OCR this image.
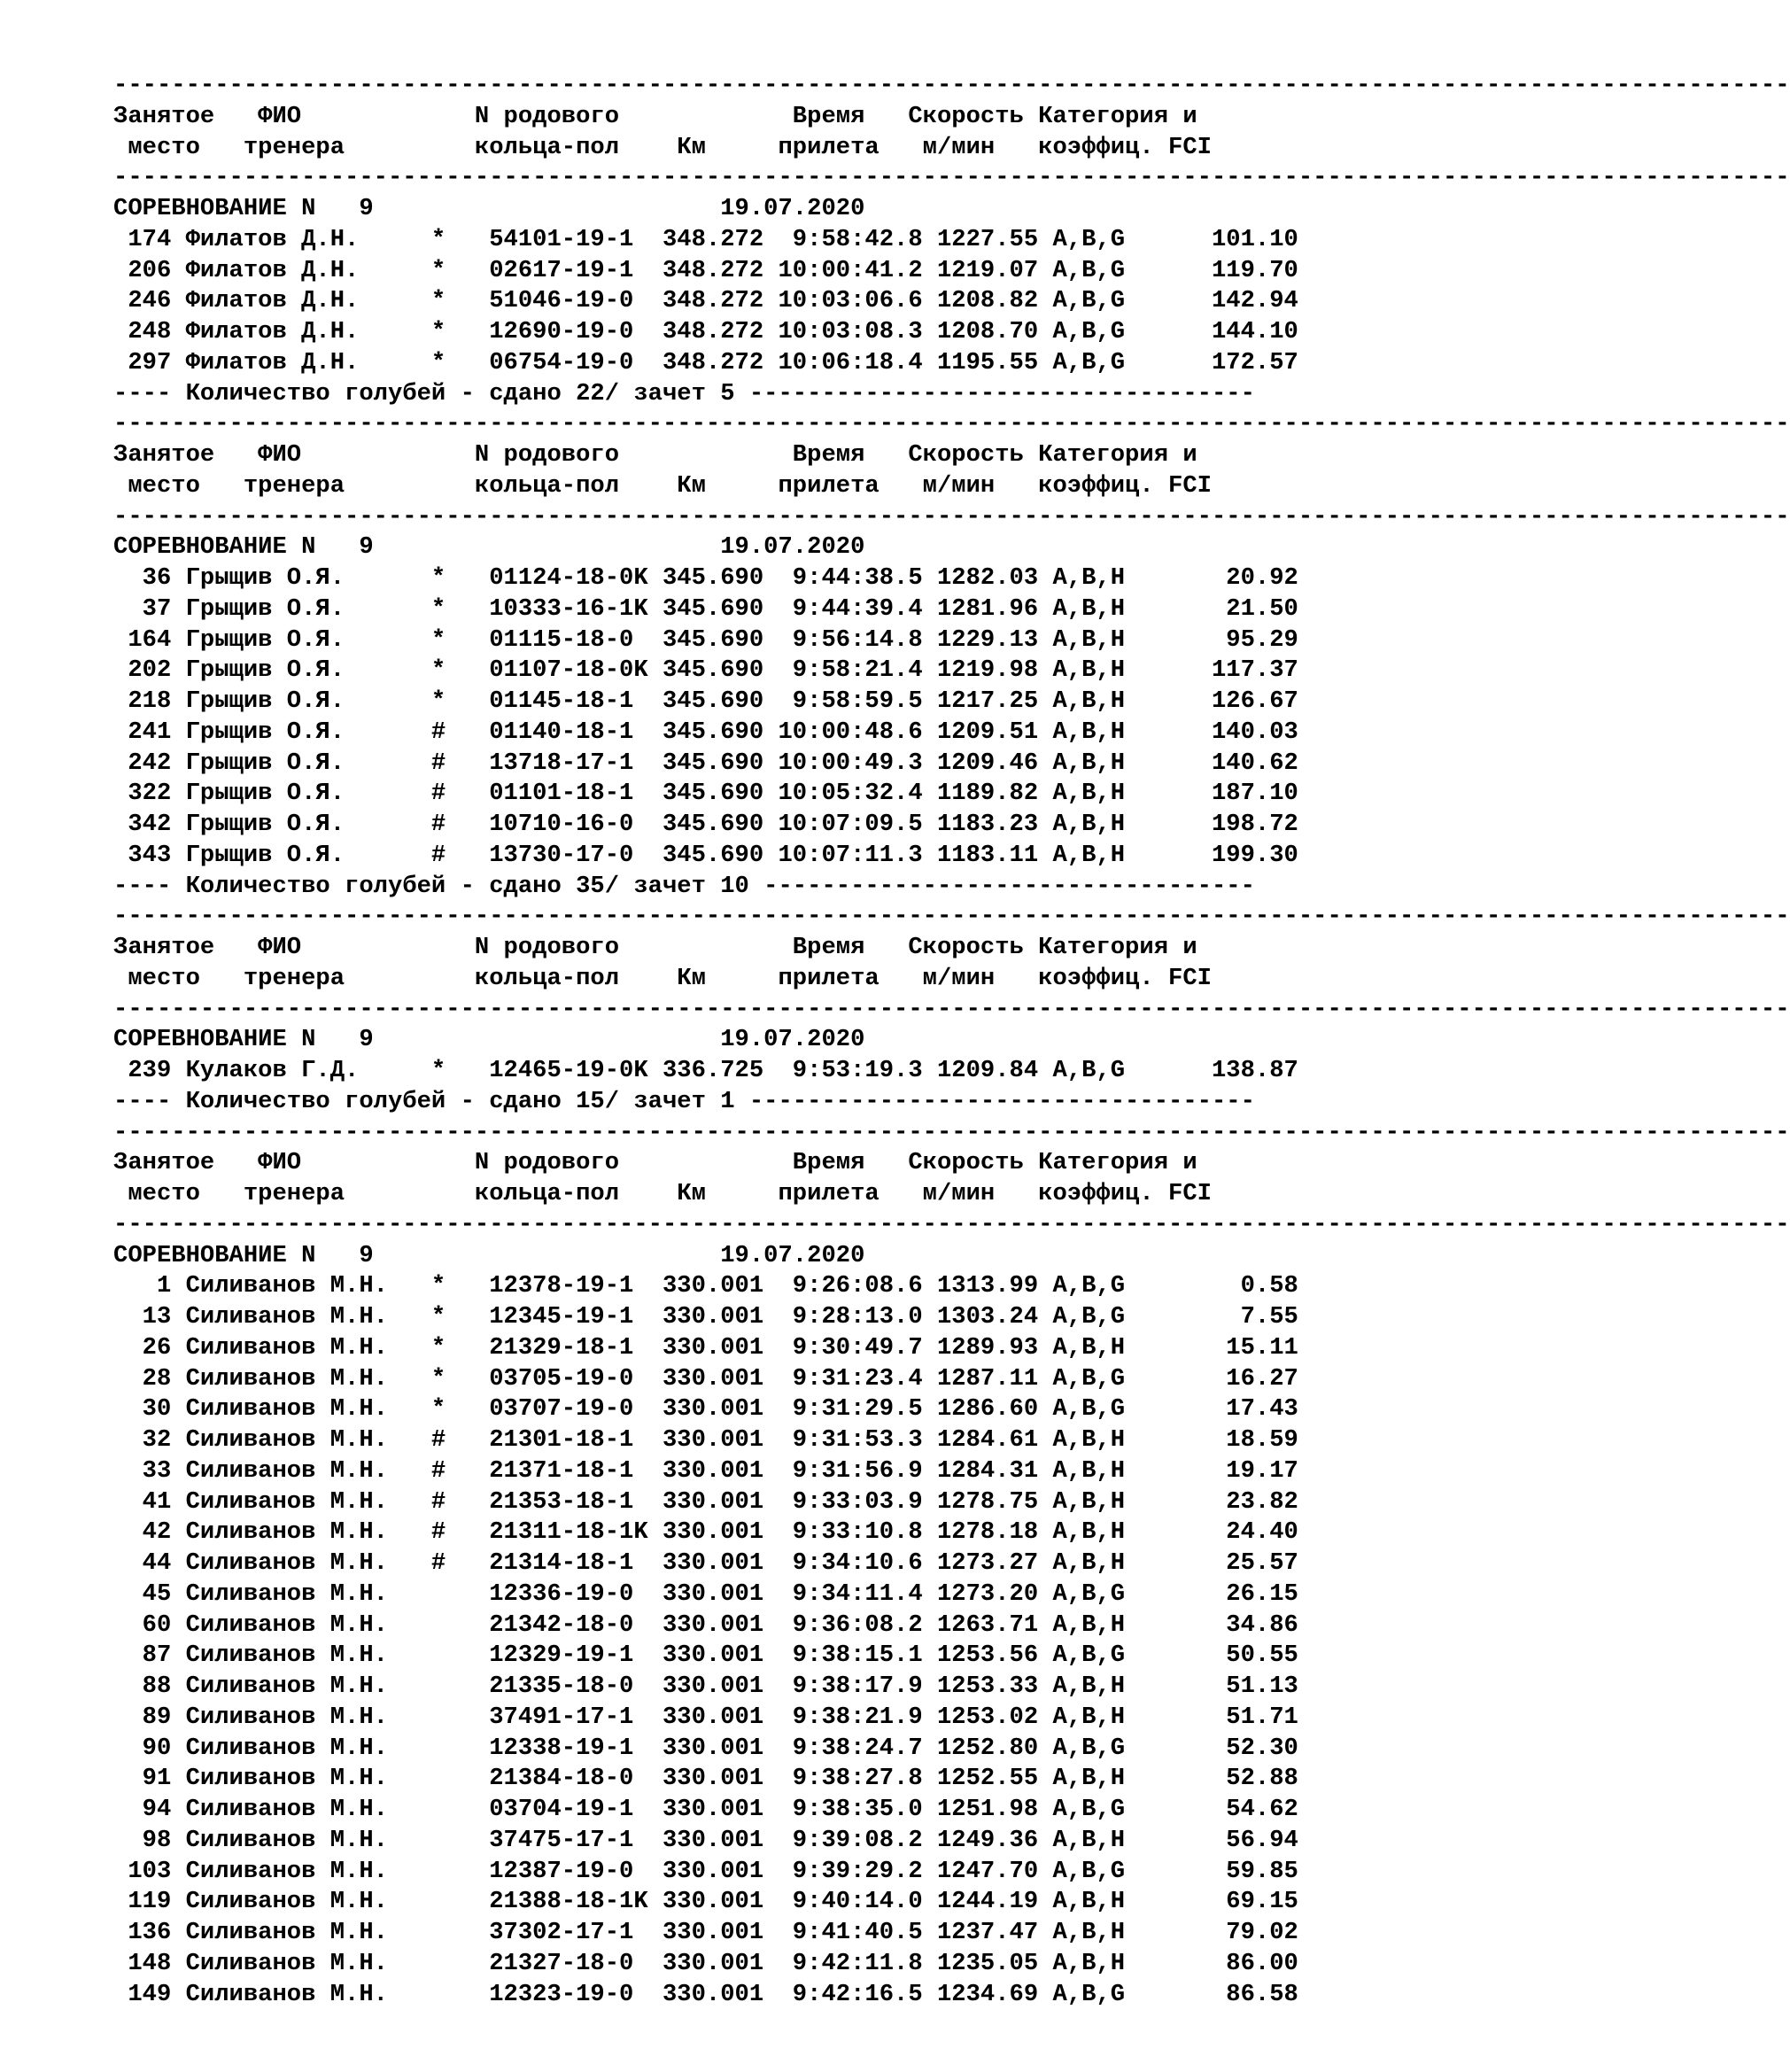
--------------------------------------------------------------------------------------------------------------------
Занятое   ФИО            N родового            Время   Скорость Категория и
место   тренера         кольца-пол    Км     прилета   м/мин   коэффиц. FCI
--------------------------------------------------------------------------------------------------------------------
СОРЕВНОВАНИЕ N   9                        19.07.2020
174 Филатов Д.Н.     *   54101-19-1  348.272  9:58:42.8 1227.55 A,B,G      101.10
206 Филатов Д.Н.     *   02617-19-1  348.272 10:00:41.2 1219.07 A,B,G      119.70
246 Филатов Д.Н.     *   51046-19-0  348.272 10:03:06.6 1208.82 A,B,G      142.94
248 Филатов Д.Н.     *   12690-19-0  348.272 10:03:08.3 1208.70 A,B,G      144.10
297 Филатов Д.Н.     *   06754-19-0  348.272 10:06:18.4 1195.55 A,B,G      172.57
---- Количество голубей - сдано 22/ зачет 5 -----------------------------------
--------------------------------------------------------------------------------------------------------------------
Занятое   ФИО            N родового            Время   Скорость Категория и
место   тренера         кольца-пол    Км     прилета   м/мин   коэффиц. FCI
--------------------------------------------------------------------------------------------------------------------
СОРЕВНОВАНИЕ N   9                        19.07.2020
36 Грыщив О.Я.      *   01124-18-0K 345.690  9:44:38.5 1282.03 A,B,H       20.92
37 Грыщив О.Я.      *   10333-16-1K 345.690  9:44:39.4 1281.96 A,B,H       21.50
164 Грыщив О.Я.      *   01115-18-0  345.690  9:56:14.8 1229.13 A,B,H       95.29
202 Грыщив О.Я.      *   01107-18-0K 345.690  9:58:21.4 1219.98 A,B,H      117.37
218 Грыщив О.Я.      *   01145-18-1  345.690  9:58:59.5 1217.25 A,B,H      126.67
241 Грыщив О.Я.      #   01140-18-1  345.690 10:00:48.6 1209.51 A,B,H      140.03
242 Грыщив О.Я.      #   13718-17-1  345.690 10:00:49.3 1209.46 A,B,H      140.62
322 Грыщив О.Я.      #   01101-18-1  345.690 10:05:32.4 1189.82 A,B,H      187.10
342 Грыщив О.Я.      #   10710-16-0  345.690 10:07:09.5 1183.23 A,B,H      198.72
343 Грыщив О.Я.      #   13730-17-0  345.690 10:07:11.3 1183.11 A,B,H      199.30
---- Количество голубей - сдано 35/ зачет 10 ----------------------------------
--------------------------------------------------------------------------------------------------------------------
Занятое   ФИО            N родового            Время   Скорость Категория и
место   тренера         кольца-пол    Км     прилета   м/мин   коэффиц. FCI
--------------------------------------------------------------------------------------------------------------------
СОРЕВНОВАНИЕ N   9                        19.07.2020
239 Кулаков Г.Д.     *   12465-19-0K 336.725  9:53:19.3 1209.84 A,B,G      138.87
---- Количество голубей - сдано 15/ зачет 1 -----------------------------------
--------------------------------------------------------------------------------------------------------------------
Занятое   ФИО            N родового            Время   Скорость Категория и
место   тренера         кольца-пол    Км     прилета   м/мин   коэффиц. FCI
--------------------------------------------------------------------------------------------------------------------
СОРЕВНОВАНИЕ N   9                        19.07.2020
1 Силиванов М.Н.   *   12378-19-1  330.001  9:26:08.6 1313.99 A,B,G        0.58
13 Силиванов М.Н.   *   12345-19-1  330.001  9:28:13.0 1303.24 A,B,G        7.55
26 Силиванов М.Н.   *   21329-18-1  330.001  9:30:49.7 1289.93 A,B,H       15.11
28 Силиванов М.Н.   *   03705-19-0  330.001  9:31:23.4 1287.11 A,B,G       16.27
30 Силиванов М.Н.   *   03707-19-0  330.001  9:31:29.5 1286.60 A,B,G       17.43
32 Силиванов М.Н.   #   21301-18-1  330.001  9:31:53.3 1284.61 A,B,H       18.59
33 Силиванов М.Н.   #   21371-18-1  330.001  9:31:56.9 1284.31 A,B,H       19.17
41 Силиванов М.Н.   #   21353-18-1  330.001  9:33:03.9 1278.75 A,B,H       23.82
42 Силиванов М.Н.   #   21311-18-1K 330.001  9:33:10.8 1278.18 A,B,H       24.40
44 Силиванов М.Н.   #   21314-18-1  330.001  9:34:10.6 1273.27 A,B,H       25.57
45 Силиванов М.Н.       12336-19-0  330.001  9:34:11.4 1273.20 A,B,G       26.15
60 Силиванов М.Н.       21342-18-0  330.001  9:36:08.2 1263.71 A,B,H       34.86
87 Силиванов М.Н.       12329-19-1  330.001  9:38:15.1 1253.56 A,B,G       50.55
88 Силиванов М.Н.       21335-18-0  330.001  9:38:17.9 1253.33 A,B,H       51.13
89 Силиванов М.Н.       37491-17-1  330.001  9:38:21.9 1253.02 A,B,H       51.71
90 Силиванов М.Н.       12338-19-1  330.001  9:38:24.7 1252.80 A,B,G       52.30
91 Силиванов М.Н.       21384-18-0  330.001  9:38:27.8 1252.55 A,B,H       52.88
94 Силиванов М.Н.       03704-19-1  330.001  9:38:35.0 1251.98 A,B,G       54.62
98 Силиванов М.Н.       37475-17-1  330.001  9:39:08.2 1249.36 A,B,H       56.94
103 Силиванов М.Н.       12387-19-0  330.001  9:39:29.2 1247.70 A,B,G       59.85
119 Силиванов М.Н.       21388-18-1K 330.001  9:40:14.0 1244.19 A,B,H       69.15
136 Силиванов М.Н.       37302-17-1  330.001  9:41:40.5 1237.47 A,B,H       79.02
148 Силиванов М.Н.       21327-18-0  330.001  9:42:11.8 1235.05 A,B,H       86.00
149 Силиванов М.Н.       12323-19-0  330.001  9:42:16.5 1234.69 A,B,G       86.58
